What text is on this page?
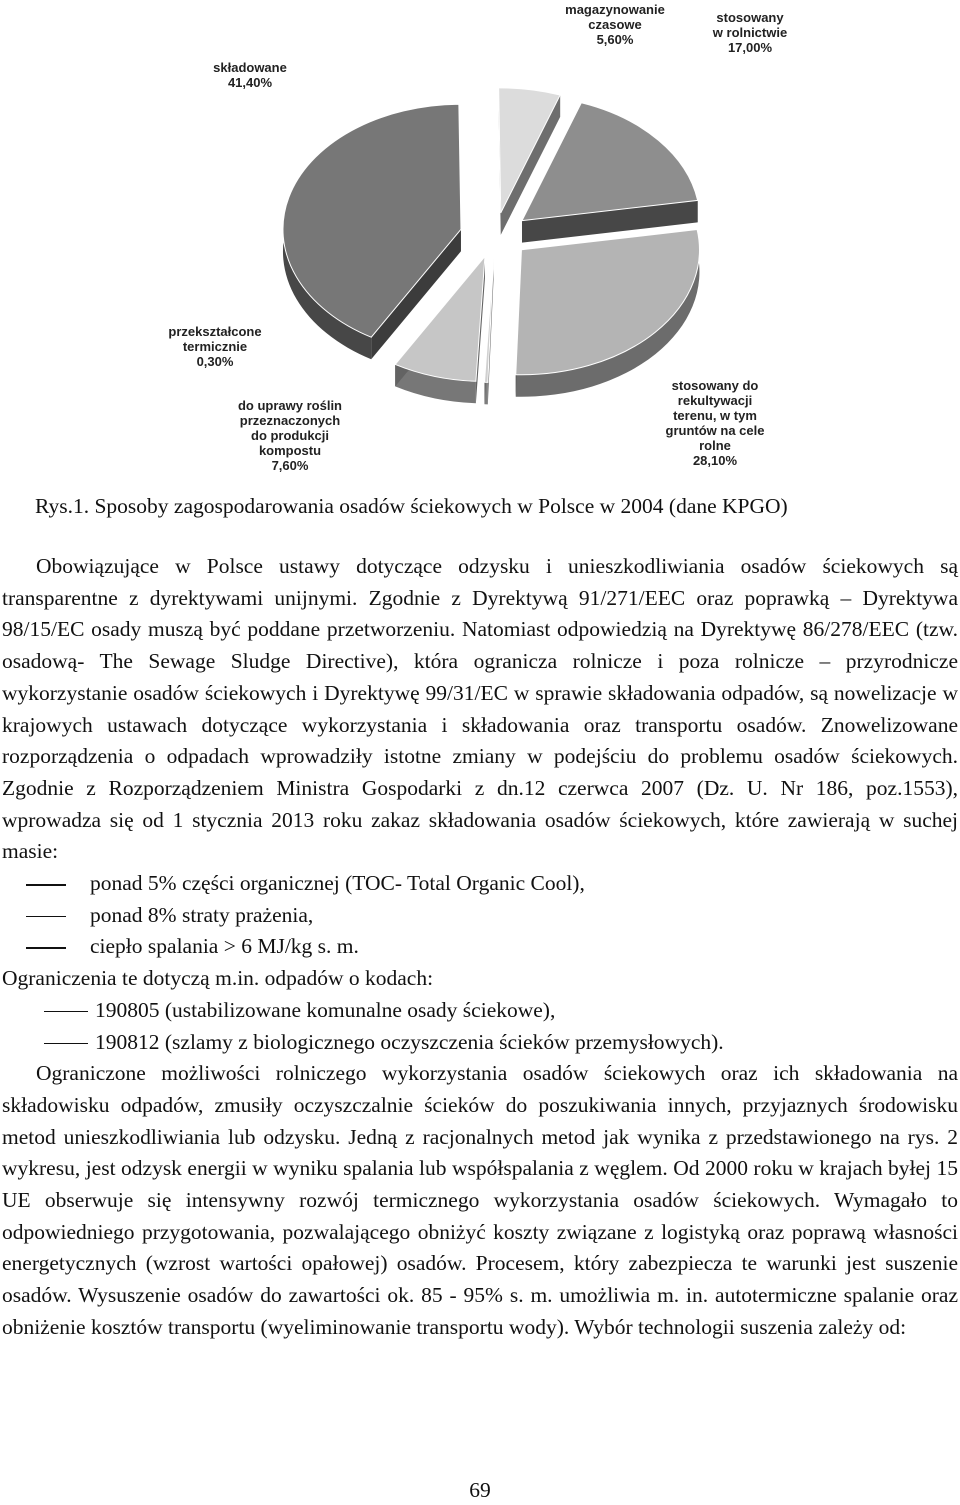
stosowany w rolnictwie 17,00%
stosowany do rekultywacji terenu, w tym gruntów na cele rolne 28,10%
przekształcone termicznie 0,30%
do uprawy roślin przeznaczonych do produkcji kompostu 7,60%
składowane 41,40%
magazynowanie czasowe 5,60%
Rys.1. Sposoby zagospodarowania osadów ściekowych w Polsce w 2004 (dane KPGO)

Obowiązujące w Polsce ustawy dotyczące odzysku i unieszkodliwiania osadów ściekowych są transparentne z dyrektywami unijnymi. Zgodnie z Dyrektywą 91/271/EEC oraz poprawką – Dyrektywa 98/15/EC osady muszą być poddane przetworzeniu. Natomiast odpowiedzią na Dyrektywę 86/278/EEC (tzw. osadową- The Sewage Sludge Directive), która ogranicza rolnicze i poza rolnicze – przyrodnicze wykorzystanie osadów ściekowych i Dyrektywę 99/31/EC w sprawie składowania odpadów, są nowelizacje w krajowych ustawach dotyczące wykorzystania i składowania oraz transportu osadów. Znowelizowane rozporządzenia o odpadach wprowadziły istotne zmiany w podejściu do problemu osadów ściekowych. Zgodnie z Rozporządzeniem Ministra Gospodarki z dn.12 czerwca 2007 (Dz. U. Nr 186, poz.1553), wprowadza się od 1 stycznia 2013 roku zakaz składowania osadów ściekowych, które zawierają w suchej masie:

ponad 5% części organicznej (TOC- Total Organic Cool),
ponad 8% straty prażenia,
ciepło spalania > 6 MJ/kg s. m.

Ograniczenia te dotyczą m.in. odpadów o kodach:

190805 (ustabilizowane komunalne osady ściekowe),
190812 (szlamy z biologicznego oczyszczenia ścieków przemysłowych).

Ograniczone możliwości rolniczego wykorzystania osadów ściekowych oraz ich składowania na składowisku odpadów, zmusiły oczyszczalnie ścieków do poszukiwania innych, przyjaznych środowisku metod unieszkodliwiania lub odzysku. Jedną z racjonalnych metod jak wynika z przedstawionego na rys. 2 wykresu, jest odzysk energii w wyniku spalania lub współspalania z węglem. Od 2000 roku w krajach byłej 15 UE obserwuje się intensywny rozwój termicznego wykorzystania osadów ściekowych. Wymagało to odpowiedniego przygotowania, pozwalającego obniżyć koszty związane z logistyką oraz poprawą własności energetycznych (wzrost wartości opałowej) osadów. Procesem, który zabezpiecza te warunki jest suszenie osadów. Wysuszenie osadów do zawartości ok. 85 - 95% s. m. umożliwia m. in. autotermiczne spalanie oraz obniżenie kosztów transportu (wyeliminowanie transportu wody). Wybór technologii suszenia zależy od:

69
